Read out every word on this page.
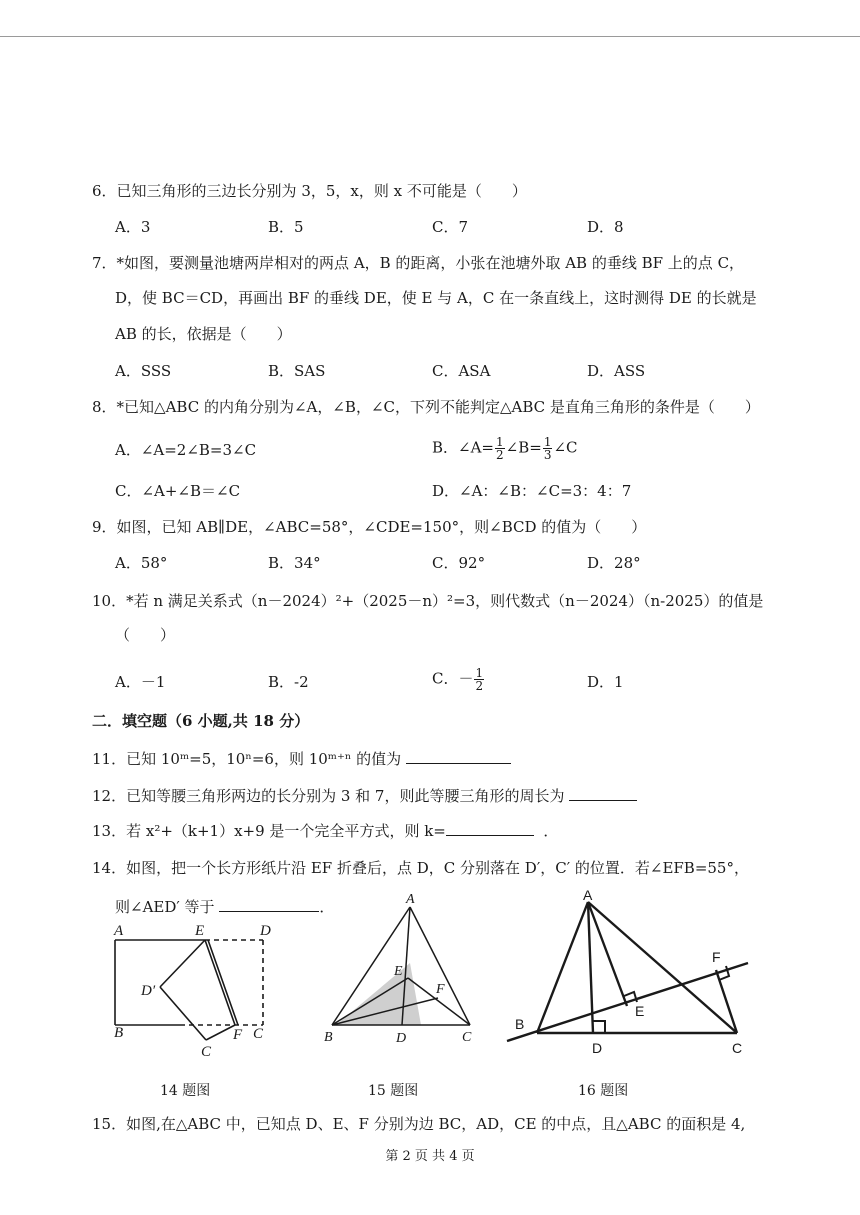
6．已知三角形的三边长分别为 3，5，x，则 x 不可能是（　　）
A．3	B．5	C．7	D．8
7．*如图，要测量池塘两岸相对的两点 A，B 的距离，小张在池塘外取 AB 的垂线 BF 上的点 C，
D，使 BC＝CD，再画出 BF 的垂线 DE，使 E 与 A，C 在一条直线上，这时测得 DE 的长就是
AB 的长，依据是（　　）
A．SSS	B．SAS	C．ASA	D．ASS
8．*已知△ABC 的内角分别为∠A，∠B，∠C，下列不能判定△ABC 是直角三角形的条件是（　　）
A．∠A=2∠B=3∠C	B．∠A= $\frac{1}{2}$ ∠B= $\frac{1}{3}$ ∠C
C．∠A+∠B＝∠C	D．∠A：∠B：∠C=3：4：7
9．如图，已知 AB∥DE，∠ABC=58°，∠CDE=150°，则∠BCD 的值为（　　）
A．58°	B．34°	C．92°	D．28°
10．*若 n 满足关系式（n－2024）²+（2025－n）²=3，则代数式（n－2024）（n-2025）的值是
（　　）
A．－1	B．-2	C．－ $\frac{1}{2}$	D．1
二．填空题（6 小题,共 18 分）
11．已知 10ᵐ=5，10ⁿ=6，则 10ᵐ⁺ⁿ 的值为
12．已知等腰三角形两边的长分别为 3 和 7，则此等腰三角形的周长为
13．若 x²+（k+1）x+9 是一个完全平方式，则 k=	．
14．如图，把一个长方形纸片沿 EF 折叠后，点 D，C 分别落在 D′，C′ 的位置．若∠EFB=55°，
则∠AED′ 等于	．
A	E	D
D′
B	F C
C
A
E
F
B	D	C
A
F
E
B
D	C
14 题图	15 题图	16 题图
15．如图,在△ABC 中，已知点 D、E、F 分别为边 BC，AD，CE 的中点，且△ABC 的面积是 4,
第 2 页 共 4 页
